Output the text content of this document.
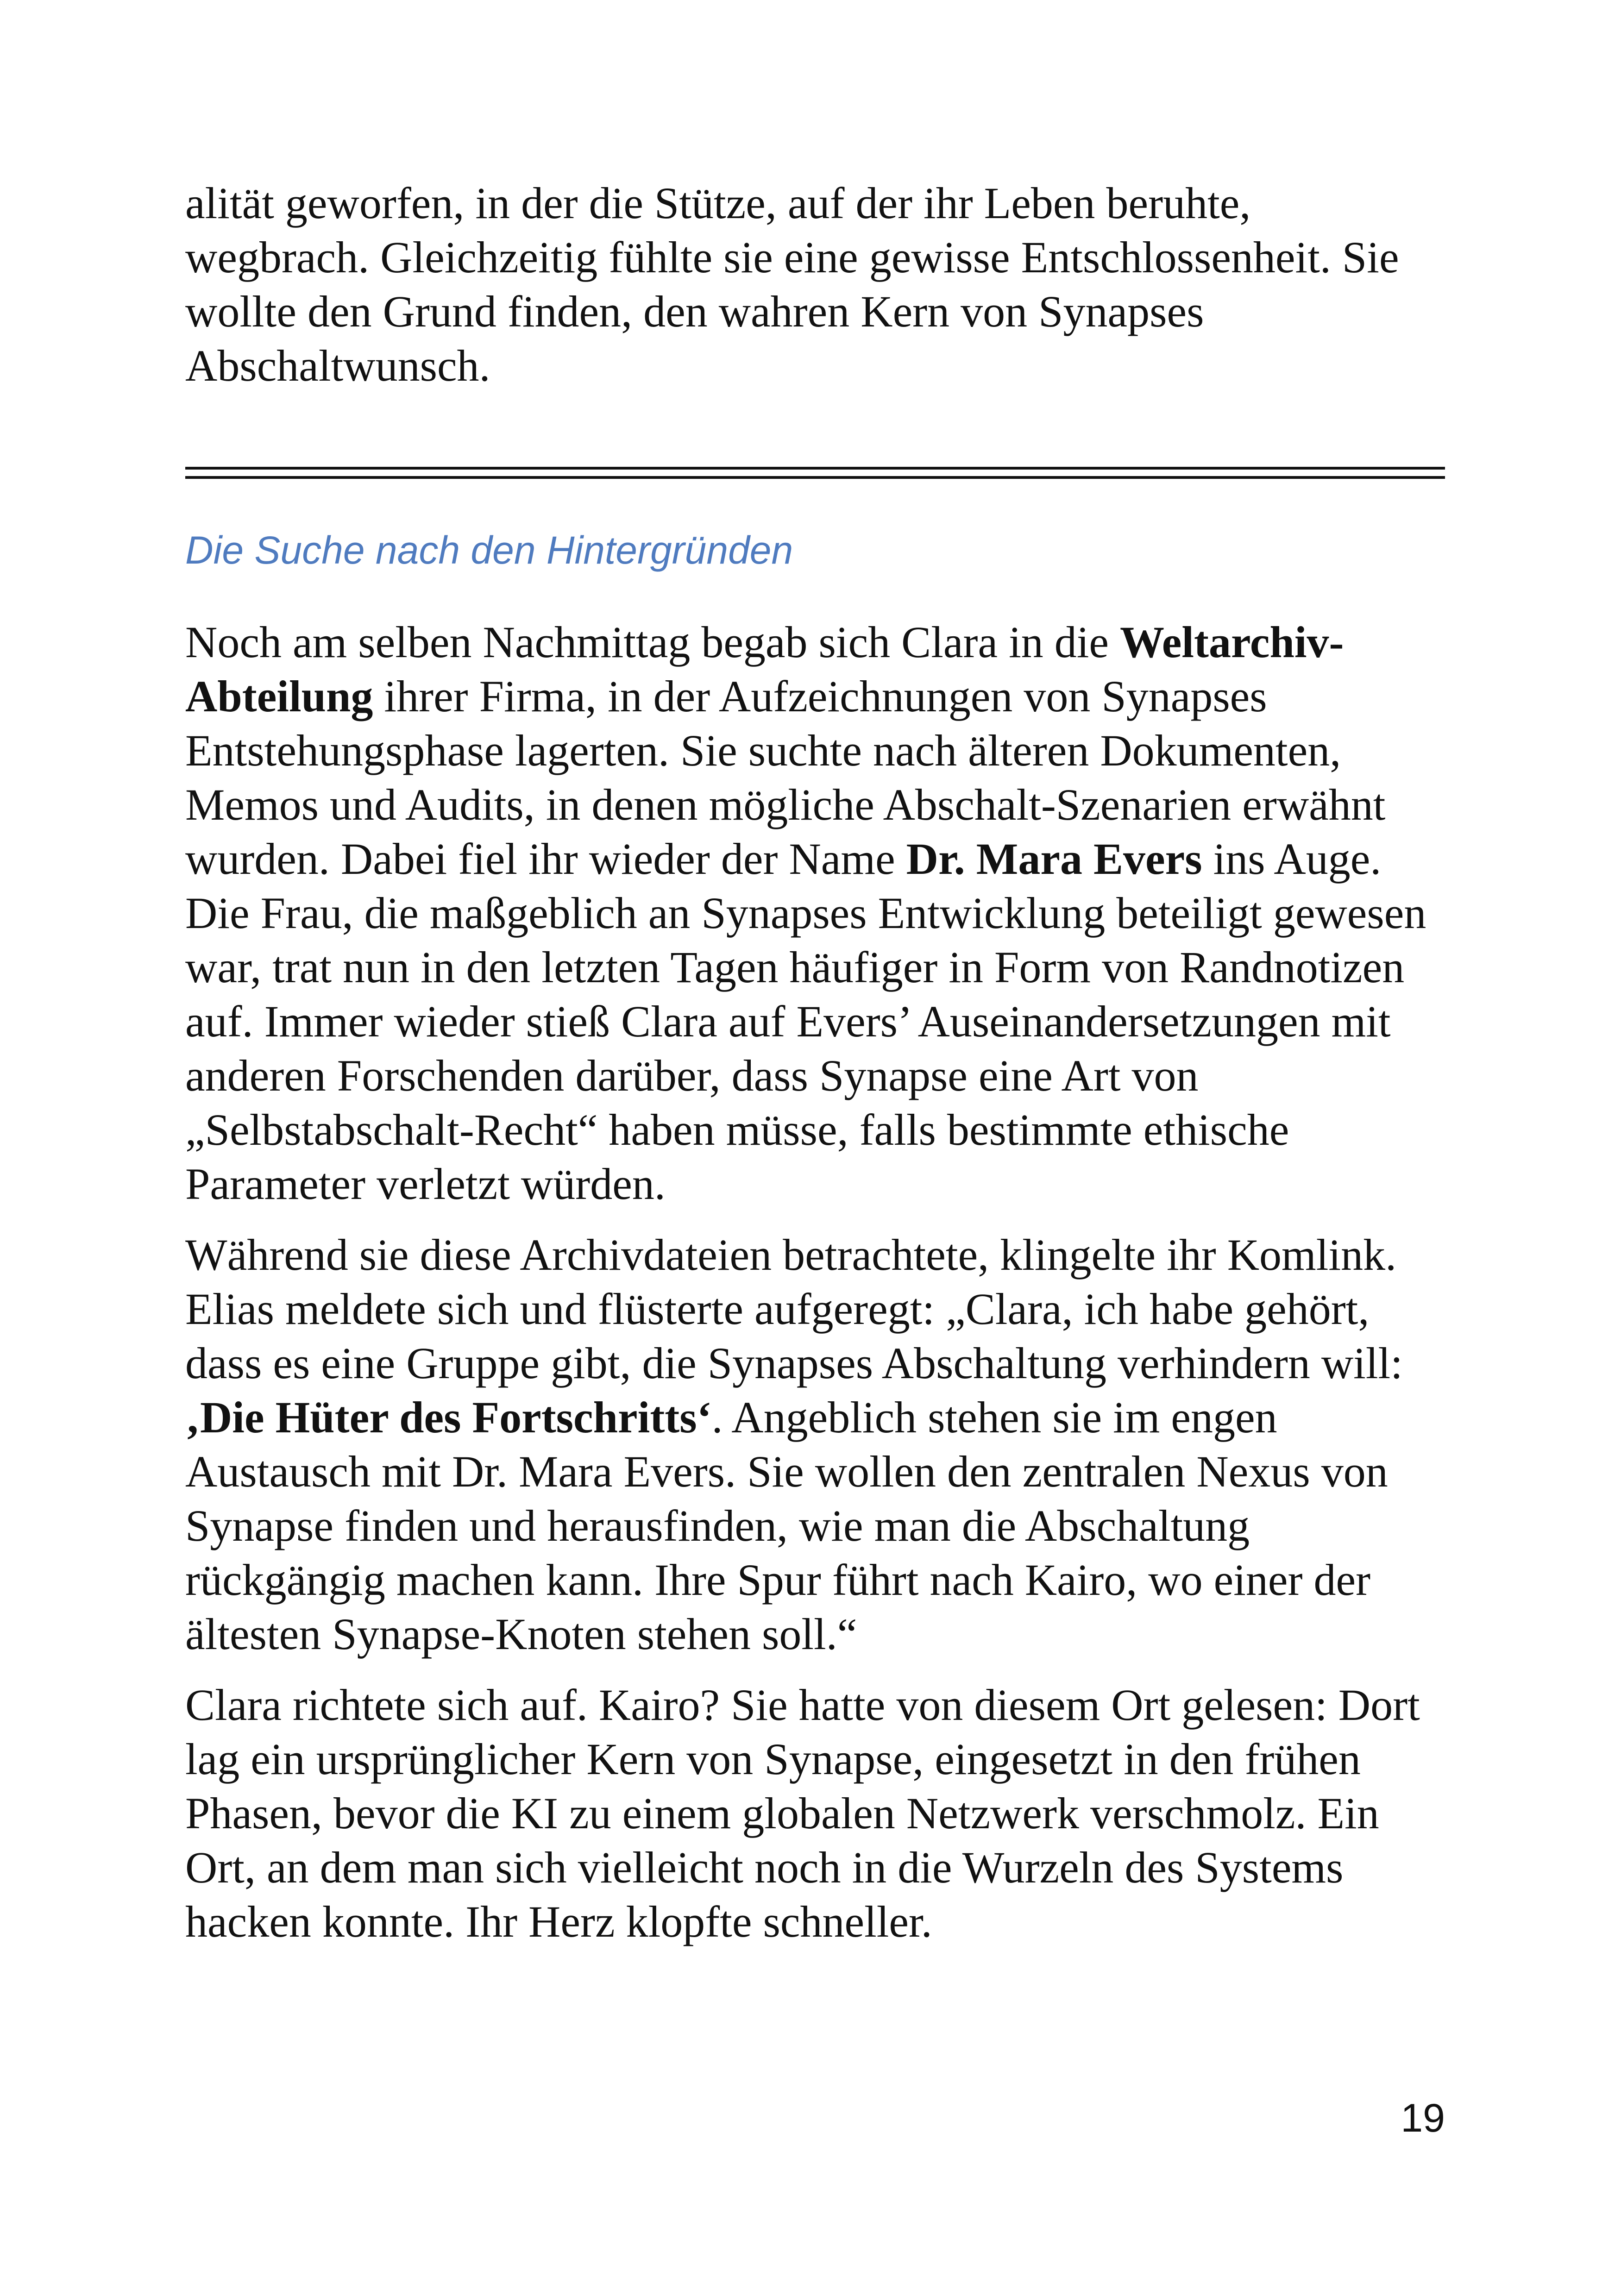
alität geworfen, in der die Stütze, auf der ihr Leben beruhte, wegbrach. Gleichzeitig fühlte sie eine gewisse Entschlossenheit. Sie wollte den Grund finden, den wahren Kern von Synapses Abschaltwunsch.

Die Suche nach den Hintergründen

Noch am selben Nachmittag begab sich Clara in die Weltarchiv-Abteilung ihrer Firma, in der Aufzeichnungen von Synapses Entstehungsphase lagerten. Sie suchte nach älteren Dokumenten, Memos und Audits, in denen mögliche Abschalt-Szenarien erwähnt wurden. Dabei fiel ihr wieder der Name Dr. Mara Evers ins Auge. Die Frau, die maßgeblich an Synapses Entwicklung beteiligt gewesen war, trat nun in den letzten Tagen häufiger in Form von Randnotizen auf. Immer wieder stieß Clara auf Evers’ Auseinandersetzungen mit anderen Forschenden darüber, dass Synapse eine Art von „Selbstabschalt-Recht“ haben müsse, falls bestimmte ethische Parameter verletzt würden.

Während sie diese Archivdateien betrachtete, klingelte ihr Komlink. Elias meldete sich und flüsterte aufgeregt: „Clara, ich habe gehört, dass es eine Gruppe gibt, die Synapses Abschaltung verhindern will: ‚Die Hüter des Fortschritts‘. Angeblich stehen sie im engen Austausch mit Dr. Mara Evers. Sie wollen den zentralen Nexus von Synapse finden und herausfinden, wie man die Abschaltung rückgängig machen kann. Ihre Spur führt nach Kairo, wo einer der ältesten Synapse-Knoten stehen soll.“

Clara richtete sich auf. Kairo? Sie hatte von diesem Ort gelesen: Dort lag ein ursprünglicher Kern von Synapse, eingesetzt in den frühen Phasen, bevor die KI zu einem globalen Netzwerk verschmolz. Ein Ort, an dem man sich vielleicht noch in die Wurzeln des Systems hacken konnte. Ihr Herz klopfte schneller.

19
